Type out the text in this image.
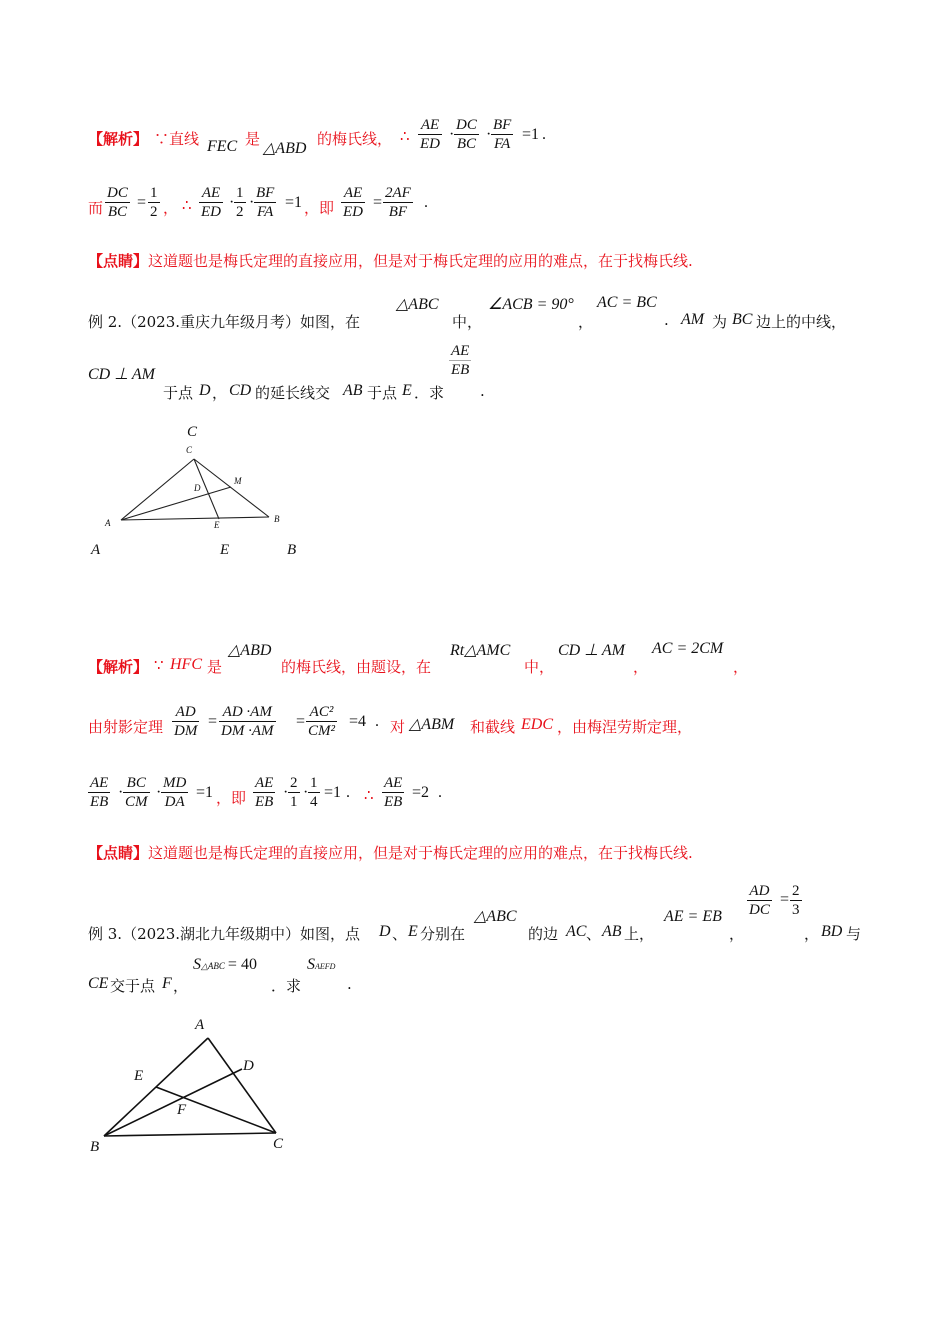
【解析】 ∵直线 FEC 是
△ABD
的梅氏线， ∴ $\frac{AE}{ED} \cdot \frac{DC}{BC} \cdot \frac{BF}{FA} =1$ .
而 $\frac{DC}{BC} = \frac{1}{2}$ ， ∴ $\frac{AE}{ED} \cdot \frac{1}{2} \cdot \frac{BF}{FA} =1$ ，即 $\frac{AE}{ED} = \frac{2AF}{BF}$ .
【点睛】这道题也是梅氏定理的直接应用，但是对于梅氏定理的应用的难点，在于找梅氏线.
例 2.（2023.重庆九年级月考）如图，在
△ABC
中，
∠ACB = 90°
，
AC = BC
. AM 为 BC 边上的中线，
CD ⊥ AM
于点 D ， CD 的延长线交 AB 于点 E ．求
$\frac{AE}{EB}$
.
C
C
D
M
A	E
B
A	E	B
【解析】 ∵ HFC 是
△ABD
的梅氏线，由题设，在
Rt△AMC
中，
CD ⊥ AM
，
AC = 2CM
，
由射影定理 $\frac{AD}{DM} = \frac{AD \cdot AM}{DM \cdot AM} = \frac{\text{AC²}}{\text{CM²}} =4$ . 对 △ABM 和截线 EDC ，由梅涅劳斯定理，
$\frac{AE}{EB} \cdot \frac{BC}{CM} \cdot \frac{MD}{DA} =1$ ，即 $\frac{AE}{EB} \cdot \frac{2}{1} \cdot \frac{1}{4} =1$ . ∴ $\frac{AE}{EB} =2$ .
【点睛】这道题也是梅氏定理的直接应用，但是对于梅氏定理的应用的难点，在于找梅氏线.
例 3.（2023.湖北九年级期中）如图，点 D 、 E 分别在
△ABC
的边 AC 、 AB 上，
AE = EB
，
$\frac{AD}{DC} = \frac{2}{3}$
， BD 与
CE 交于点 F ，
S△ABC = 40
．求
SAEFD
.
A
D
E
F
B	C
